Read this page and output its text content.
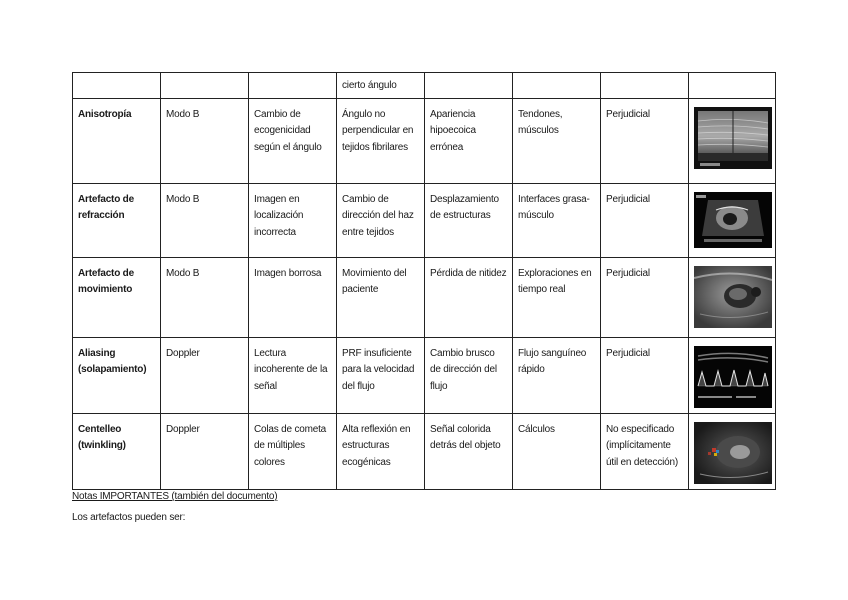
			cierto ángulo				
Anisotropía	Modo B	Cambio de ecogenicidad según el ángulo	Ángulo no perpendicular en tejidos fibrilares	Apariencia hipoecoica errónea	Tendones, músculos	Perjudicial	

Artefacto de refracción	Modo B	Imagen en localización incorrecta	Cambio de dirección del haz entre tejidos	Desplazamiento de estructuras	Interfaces grasa-músculo	Perjudicial	

Artefacto de movimiento	Modo B	Imagen borrosa	Movimiento del paciente	Pérdida de nitidez	Exploraciones en tiempo real	Perjudicial	

Aliasing (solapamiento)	Doppler	Lectura incoherente de la señal	PRF insuficiente para la velocidad del flujo	Cambio brusco de dirección del flujo	Flujo sanguíneo rápido	Perjudicial	

Centelleo (twinkling)	Doppler	Colas de cometa de múltiples colores	Alta reflexión en estructuras ecogénicas	Señal colorida detrás del objeto	Cálculos	No especificado (implícitamente útil en detección)	
Notas IMPORTANTES (también del documento)
Los artefactos pueden ser:
